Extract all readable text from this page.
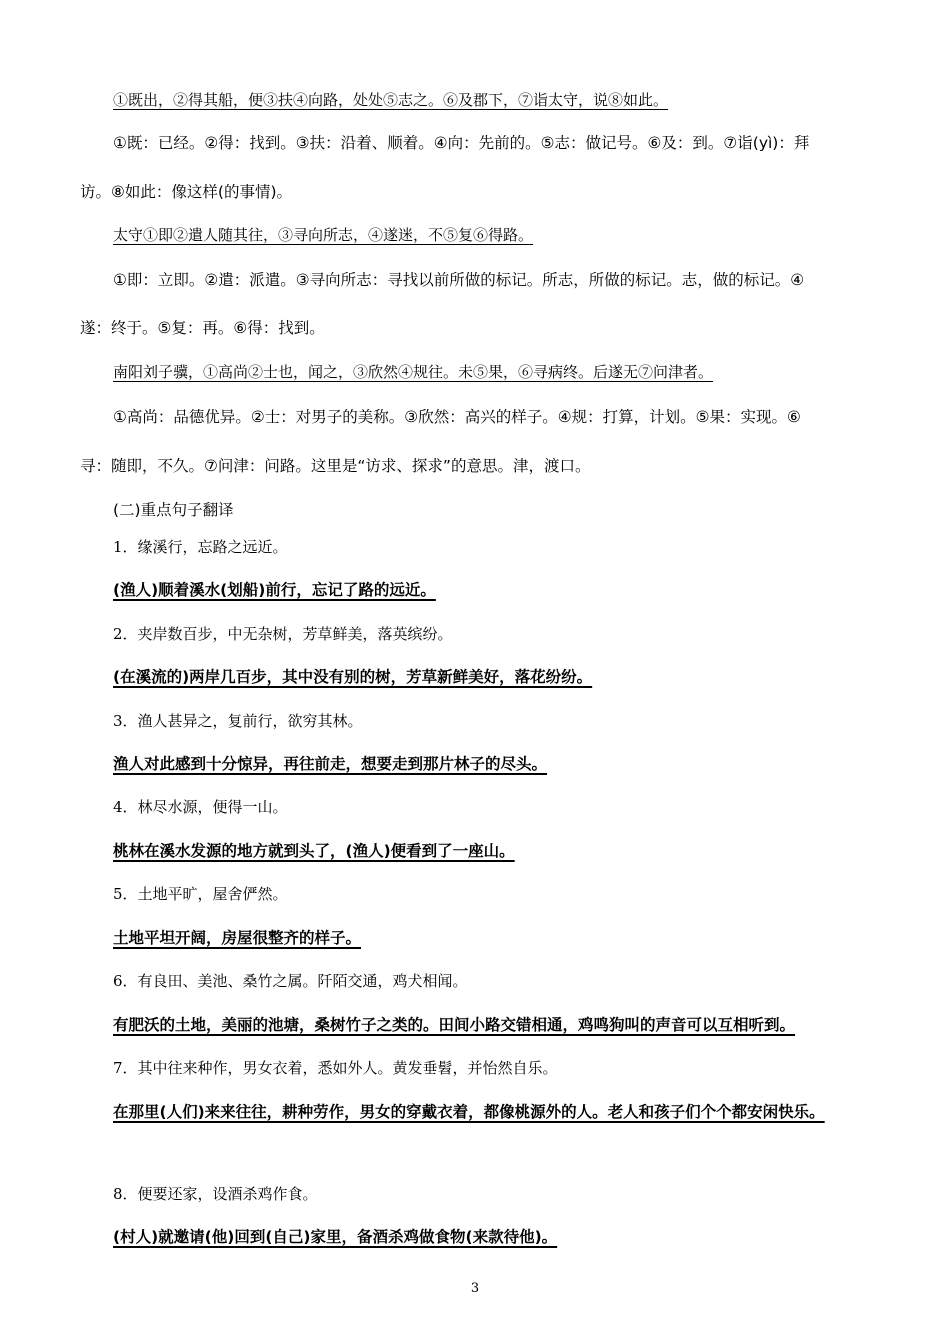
①既出，②得其船，便③扶④向路，处处⑤志之。⑥及郡下，⑦诣太守，说⑧如此。
①既：已经。②得：找到。③扶：沿着、顺着。④向：先前的。⑤志：做记号。⑥及：到。⑦诣(yì)：拜
访。⑧如此：像这样(的事情)。
太守①即②遣人随其往，③寻向所志，④遂迷，不⑤复⑥得路。
①即：立即。②遣：派遣。③寻向所志：寻找以前所做的标记。所志，所做的标记。志，做的标记。④
遂：终于。⑤复：再。⑥得：找到。
南阳刘子骥，①高尚②士也，闻之，③欣然④规往。未⑤果，⑥寻病终。后遂无⑦问津者。
①高尚：品德优异。②士：对男子的美称。③欣然：高兴的样子。④规：打算，计划。⑤果：实现。⑥
寻：随即，不久。⑦问津：问路。这里是“访求、探求”的意思。津，渡口。
(二)重点句子翻译
1．缘溪行，忘路之远近。
(渔人)顺着溪水(划船)前行，忘记了路的远近。
2．夹岸数百步，中无杂树，芳草鲜美，落英缤纷。
(在溪流的)两岸几百步，其中没有别的树，芳草新鲜美好，落花纷纷。
3．渔人甚异之，复前行，欲穷其林。
渔人对此感到十分惊异，再往前走，想要走到那片林子的尽头。
4．林尽水源，便得一山。
桃林在溪水发源的地方就到头了，(渔人)便看到了一座山。
5．土地平旷，屋舍俨然。
土地平坦开阔，房屋很整齐的样子。
6．有良田、美池、桑竹之属。阡陌交通，鸡犬相闻。
有肥沃的土地，美丽的池塘，桑树竹子之类的。田间小路交错相通，鸡鸣狗叫的声音可以互相听到。
7．其中往来种作，男女衣着，悉如外人。黄发垂髫，并怡然自乐。
在那里(人们)来来往往，耕种劳作，男女的穿戴衣着，都像桃源外的人。老人和孩子们个个都安闲快乐。
8．便要还家，设酒杀鸡作食。
(村人)就邀请(他)回到(自己)家里，备酒杀鸡做食物(来款待他)。
3
